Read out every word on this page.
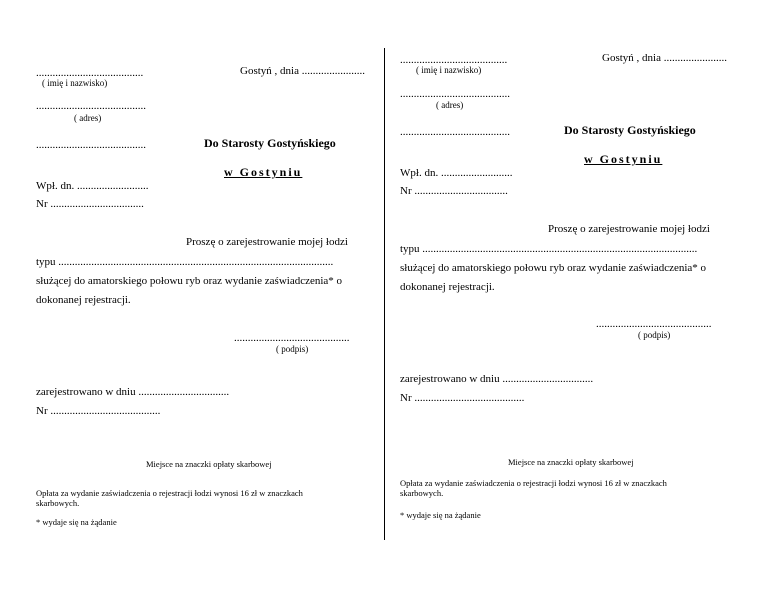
.......................................
( imię i nazwisko)
Gostyń , dnia .......................
........................................
( adres)
........................................	Do Starosty Gostyńskiego
w Gostyniu
Wpł. dn. ..........................
Nr ..................................
Proszę o zarejestrowanie mojej łodzi
typu ....................................................................................................
służącej do amatorskiego połowu ryb oraz wydanie zaświadczenia* o
dokonanej rejestracji.
..........................................
( podpis)
zarejestrowano w dniu .................................
Nr ........................................
Miejsce na znaczki opłaty skarbowej
Opłata za wydanie zaświadczenia o rejestracji łodzi wynosi 16 zł w znaczkach skarbowych.
* wydaje się na żądanie
.......................................
( imię i nazwisko)
Gostyń , dnia .......................
........................................
( adres)
........................................	Do Starosty Gostyńskiego
w Gostyniu
Wpł. dn. ..........................
Nr ..................................
Proszę o zarejestrowanie mojej łodzi
typu ....................................................................................................
służącej do amatorskiego połowu ryb oraz wydanie zaświadczenia* o
dokonanej rejestracji.
..........................................
( podpis)
zarejestrowano w dniu .................................
Nr ........................................
Miejsce na znaczki opłaty skarbowej
Opłata za wydanie zaświadczenia o rejestracji łodzi wynosi 16 zł w znaczkach skarbowych.
* wydaje się na żądanie
